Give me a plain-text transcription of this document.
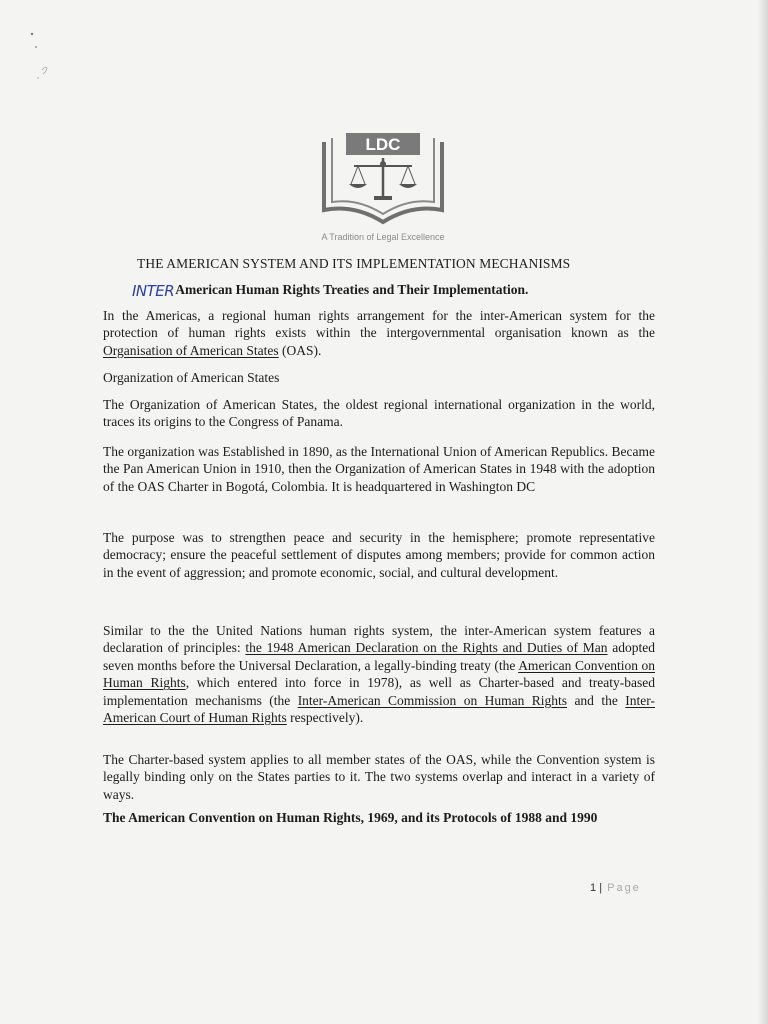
LDC
A Tradition of Legal Excellence
THE AMERICAN SYSTEM AND ITS IMPLEMENTATION MECHANISMS
INTERAmerican Human Rights Treaties and Their Implementation.
In the Americas, a regional human rights arrangement for the inter-American system for the protection of human rights exists within the intergovernmental organisation known as the Organisation of American States (OAS).
Organization of American States
The Organization of American States, the oldest regional international organization in the world, traces its origins to the Congress of Panama.
The organization was Established in 1890, as the International Union of American Republics. Became the Pan American Union in 1910, then the Organization of American States in 1948 with the adoption of the OAS Charter in Bogotá, Colombia. It is headquartered in Washington DC
The purpose was to strengthen peace and security in the hemisphere; promote representative democracy; ensure the peaceful settlement of disputes among members; provide for common action in the event of aggression; and promote economic, social, and cultural development.
Similar to the the United Nations human rights system, the inter-American system features a declaration of principles: the 1948 American Declaration on the Rights and Duties of Man adopted seven months before the Universal Declaration, a legally-binding treaty (the American Convention on Human Rights, which entered into force in 1978), as well as Charter-based and treaty-based implementation mechanisms (the Inter-American Commission on Human Rights and the Inter-American Court of Human Rights respectively).
The Charter-based system applies to all member states of the OAS, while the Convention system is legally binding only on the States parties to it. The two systems overlap and interact in a variety of ways.
The American Convention on Human Rights, 1969, and its Protocols of 1988 and 1990
1 | Page
